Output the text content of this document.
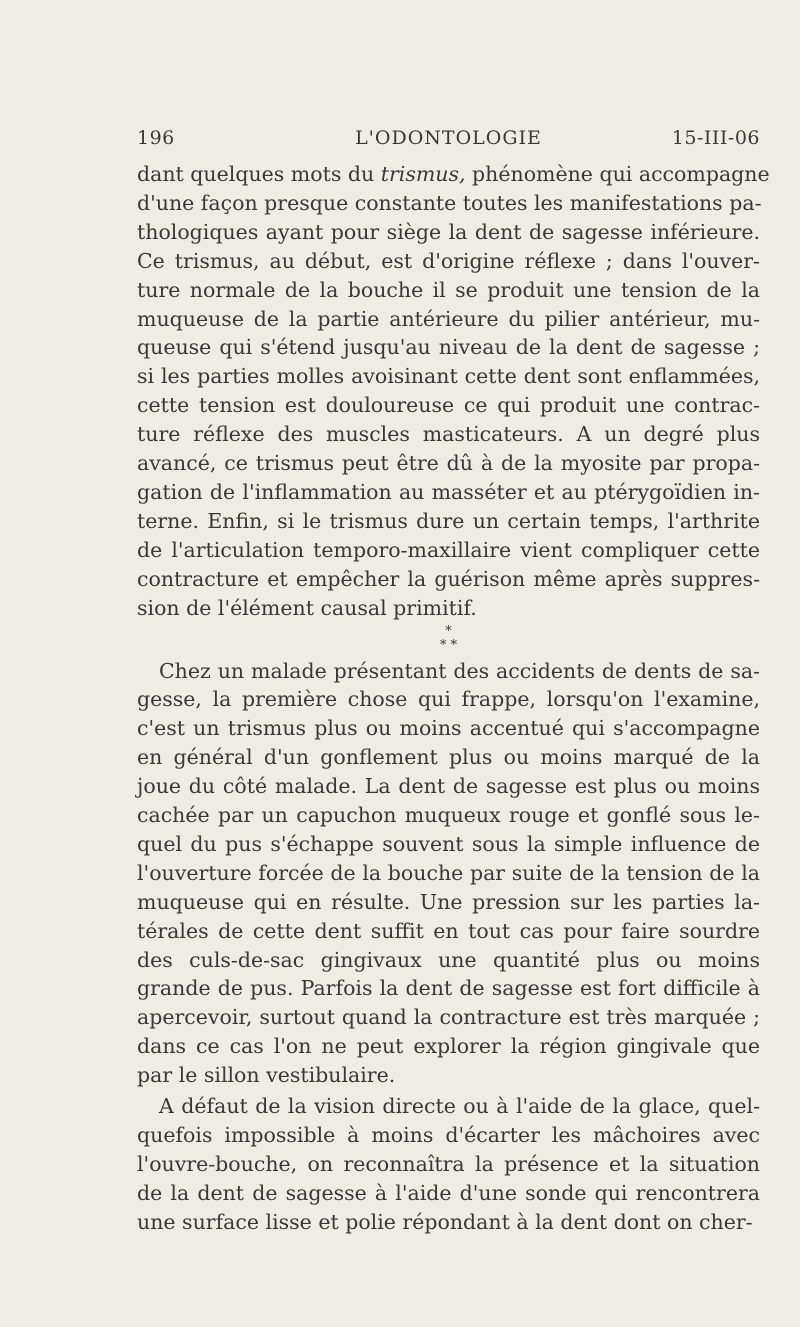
196	L'ODONTOLOGIE	15-III-06

dant quelques mots du trismus, phénomène qui accompagne
d'une façon presque constante toutes les manifestations pa-
thologiques ayant pour siège la dent de sagesse inférieure.
Ce trismus, au début, est d'origine réflexe ; dans l'ouver-
ture normale de la bouche il se produit une tension de la
muqueuse de la partie antérieure du pilier antérieur, mu-
queuse qui s'étend jusqu'au niveau de la dent de sagesse ;
si les parties molles avoisinant cette dent sont enflammées,
cette tension est douloureuse ce qui produit une contrac-
ture réflexe des muscles masticateurs. A un degré plus
avancé, ce trismus peut être dû à de la myosite par propa-
gation de l'inflammation au masséter et au ptérygoïdien in-
terne. Enfin, si le trismus dure un certain temps, l'arthrite
de l'articulation temporo-maxillaire vient compliquer cette
contracture et empêcher la guérison même après suppres-
sion de l'élément causal primitif.

*
* *

Chez un malade présentant des accidents de dents de sa-
gesse, la première chose qui frappe, lorsqu'on l'examine,
c'est un trismus plus ou moins accentué qui s'accompagne
en général d'un gonflement plus ou moins marqué de la
joue du côté malade. La dent de sagesse est plus ou moins
cachée par un capuchon muqueux rouge et gonflé sous le-
quel du pus s'échappe souvent sous la simple influence de
l'ouverture forcée de la bouche par suite de la tension de la
muqueuse qui en résulte. Une pression sur les parties la-
térales de cette dent suffit en tout cas pour faire sourdre
des culs-de-sac gingivaux une quantité plus ou moins
grande de pus. Parfois la dent de sagesse est fort difficile à
apercevoir, surtout quand la contracture est très marquée ;
dans ce cas l'on ne peut explorer la région gingivale que
par le sillon vestibulaire.

A défaut de la vision directe ou à l'aide de la glace, quel-
quefois impossible à moins d'écarter les mâchoires avec
l'ouvre-bouche, on reconnaîtra la présence et la situation
de la dent de sagesse à l'aide d'une sonde qui rencontrera
une surface lisse et polie répondant à la dent dont on cher-
